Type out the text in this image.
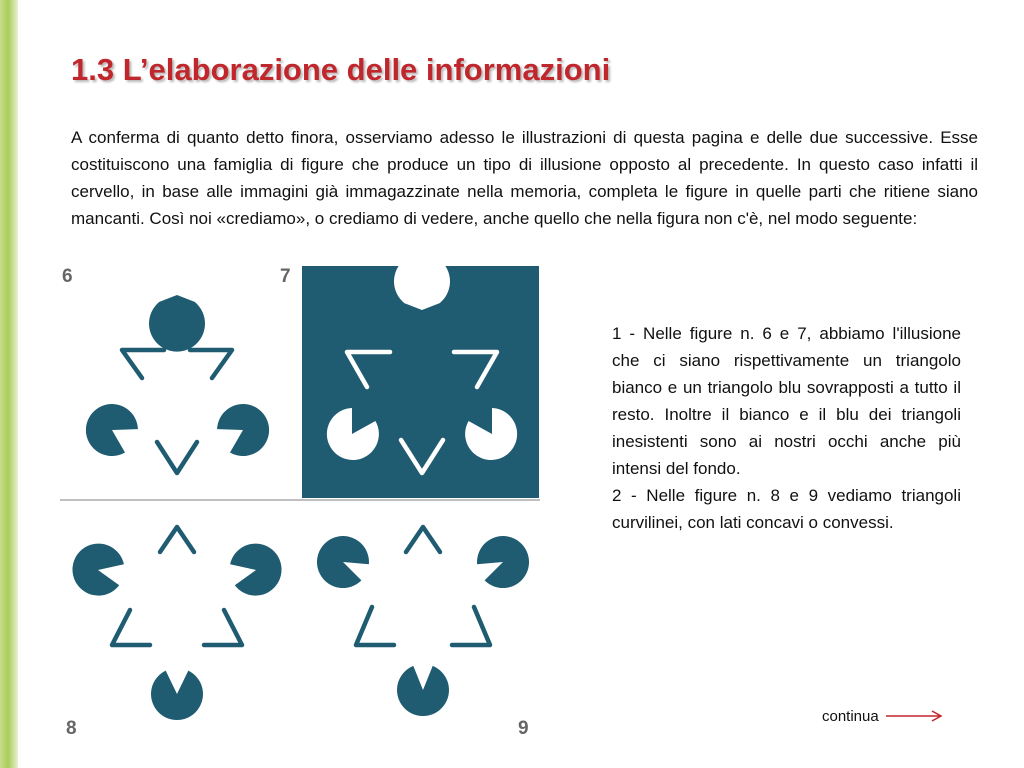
1.3 L’elaborazione delle informazioni

A conferma di quanto detto finora, osserviamo adesso le illustrazioni di questa pagina e delle due successive. Esse costituiscono una famiglia di figure che produce un tipo di illusione opposto al precedente. In questo caso infatti il cervello, in base alle immagini già immagazzinate nella memoria, completa le figure in quelle parti che ritiene siano mancanti. Così noi «crediamo», o crediamo di vedere, anche quello che nella figura non c'è, nel modo seguente:

6	7
8	9

1 - Nelle figure n. 6 e 7, abbiamo l'illusione che ci siano rispettivamente un triangolo bianco e un triangolo blu sovrapposti a tutto il resto. Inoltre il bianco e il blu dei triangoli inesistenti sono ai nostri occhi anche più intensi del fondo.

2 - Nelle figure n. 8 e 9 vediamo triangoli curvilinei, con lati concavi o convessi.

continua
